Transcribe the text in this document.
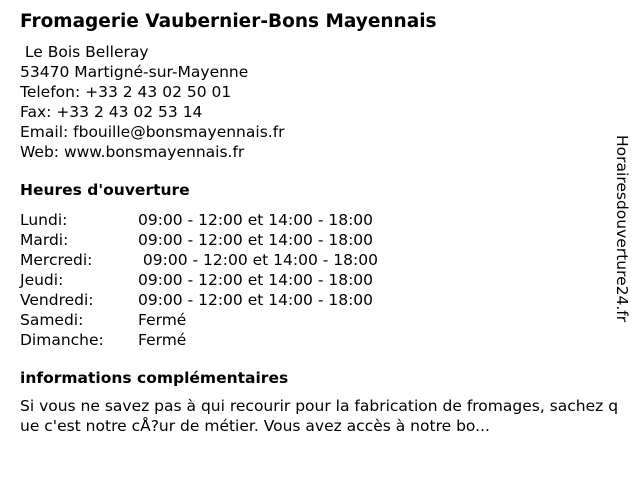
Fromagerie Vaubernier-Bons Mayennais
Le Bois Belleray
53470 Martigné-sur-Mayenne
Telefon: +33 2 43 02 50 01
Fax: +33 2 43 02 53 14
Email: fbouille@bonsmayennais.fr
Web: www.bonsmayennais.fr
Heures d'ouverture
Lundi:	09:00 - 12:00 et 14:00 - 18:00
Mardi:	09:00 - 12:00 et 14:00 - 18:00
Mercredi:	09:00 - 12:00 et 14:00 - 18:00
Jeudi:	09:00 - 12:00 et 14:00 - 18:00
Vendredi:	09:00 - 12:00 et 14:00 - 18:00
Samedi:	Fermé
Dimanche:	Fermé
informations complémentaires
Si vous ne savez pas à qui recourir pour la fabrication de fromages, sachez que c'est notre cÅ?ur de métier. Vous avez accès à notre bo...
Horairesdouverture24.fr
